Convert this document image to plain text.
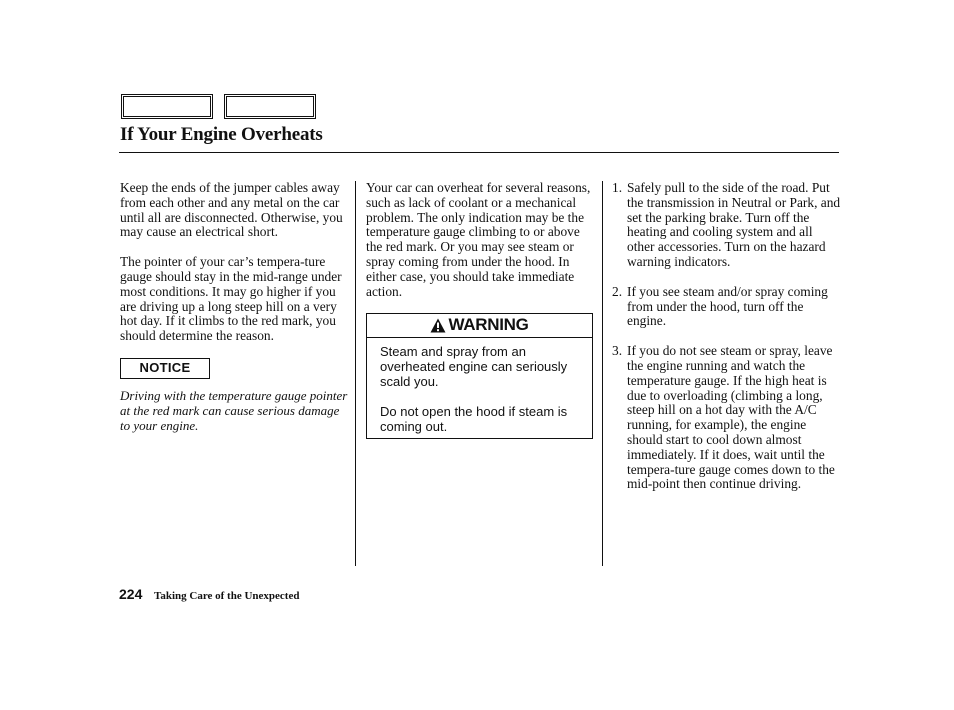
If Your Engine Overheats

Keep the ends of the jumper cables away from each other and any metal on the car until all are disconnected. Otherwise, you may cause an electrical short.

The pointer of your car’s tempera-ture gauge should stay in the mid-range under most conditions. It may go higher if you are driving up a long steep hill on a very hot day. If it climbs to the red mark, you should determine the reason.

NOTICE

Driving with the temperature gauge pointer at the red mark can cause serious damage to your engine.

Your car can overheat for several reasons, such as lack of coolant or a mechanical problem. The only indication may be the temperature gauge climbing to or above the red mark. Or you may see steam or spray coming from under the hood. In either case, you should take immediate action.

WARNING

Steam and spray from an overheated engine can seriously scald you.

Do not open the hood if steam is coming out.

1. Safely pull to the side of the road. Put the transmission in Neutral or Park, and set the parking brake. Turn off the heating and cooling system and all other accessories. Turn on the hazard warning indicators.
2. If you see steam and/or spray coming from under the hood, turn off the engine.
3. If you do not see steam or spray, leave the engine running and watch the temperature gauge. If the high heat is due to overloading (climbing a long, steep hill on a hot day with the A/C running, for example), the engine should start to cool down almost immediately. If it does, wait until the tempera-ture gauge comes down to the mid-point then continue driving.
224 Taking Care of the Unexpected
